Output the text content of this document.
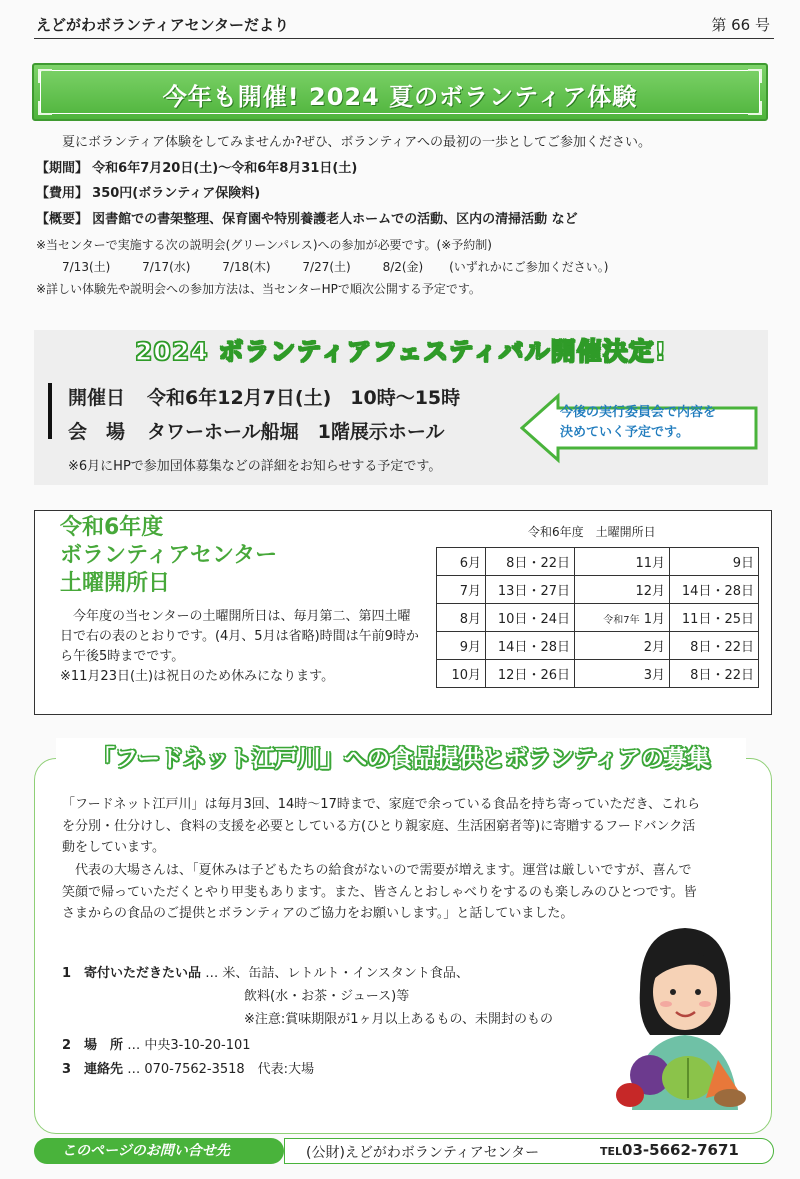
えどがわボランティアセンターだより	第 66 号
今年も開催! 2024 夏のボランティア体験
夏にボランティア体験をしてみませんか?ぜひ、ボランティアへの最初の一歩としてご参加ください。
【期間】 令和6年7月20日(土)～令和6年8月31日(土)
【費用】 350円(ボランティア保険料)
【概要】 図書館での書架整理、保育園や特別養護老人ホームでの活動、区内の清掃活動 など
※当センターで実施する次の説明会(グリーンパレス)への参加が必要です。(※予約制)
7/13(土)	7/17(水)	7/18(木)	7/27(土)	8/2(金) (いずれかにご参加ください。)
※詳しい体験先や説明会への参加方法は、当センターHPで順次公開する予定です。
2024 ボランティアフェスティバル開催決定!
開催日 令和6年12月7日(土)　10時～15時
会　場 タワーホール船堀　1階展示ホール
※6月にHPで参加団体募集などの詳細をお知らせする予定です。
今後の実行委員会で内容を
決めていく予定です。
令和6年度
ボランティアセンター
土曜開所日
今年度の当センターの土曜開所日は、毎月第二、第四土曜日で右の表のとおりです。(4月、5月は省略)時間は午前9時から午後5時までです。
※11月23日(土)は祝日のため休みになります。
令和6年度　土曜開所日
6月	8日・22日	11月	9日
7月	13日・27日	12月	14日・28日
8月	10日・24日	令和7年 1月	11日・25日
9月	14日・28日	2月	8日・22日
10月	12日・26日	3月	8日・22日
「フードネット江戸川」への食品提供とボランティアの募集
「フードネット江戸川」は毎月3回、14時～17時まで、家庭で余っている食品を持ち寄っていただき、これら
を分別・仕分けし、食料の支援を必要としている方(ひとり親家庭、生活困窮者等)に寄贈するフードバンク活
動をしています。
代表の大場さんは、「夏休みは子どもたちの給食がないので需要が増えます。運営は厳しいですが、喜んで
笑顔で帰っていただくとやり甲斐もあります。また、皆さんとおしゃべりをするのも楽しみのひとつです。皆
さまからの食品のご提供とボランティアのご協力をお願いします。」と話していました。
1　寄付いただきたい品 … 米、缶詰、レトルト・インスタント食品、
飲料(水・お茶・ジュース)等
※注意:賞味期限が1ヶ月以上あるもの、未開封のもの
2　場　所 … 中央3-10-20-101
3　連絡先 … 070-7562-3518　代表:大場
このページのお問い合せ先	(公財)えどがわボランティアセンター	TEL03-5662-7671
